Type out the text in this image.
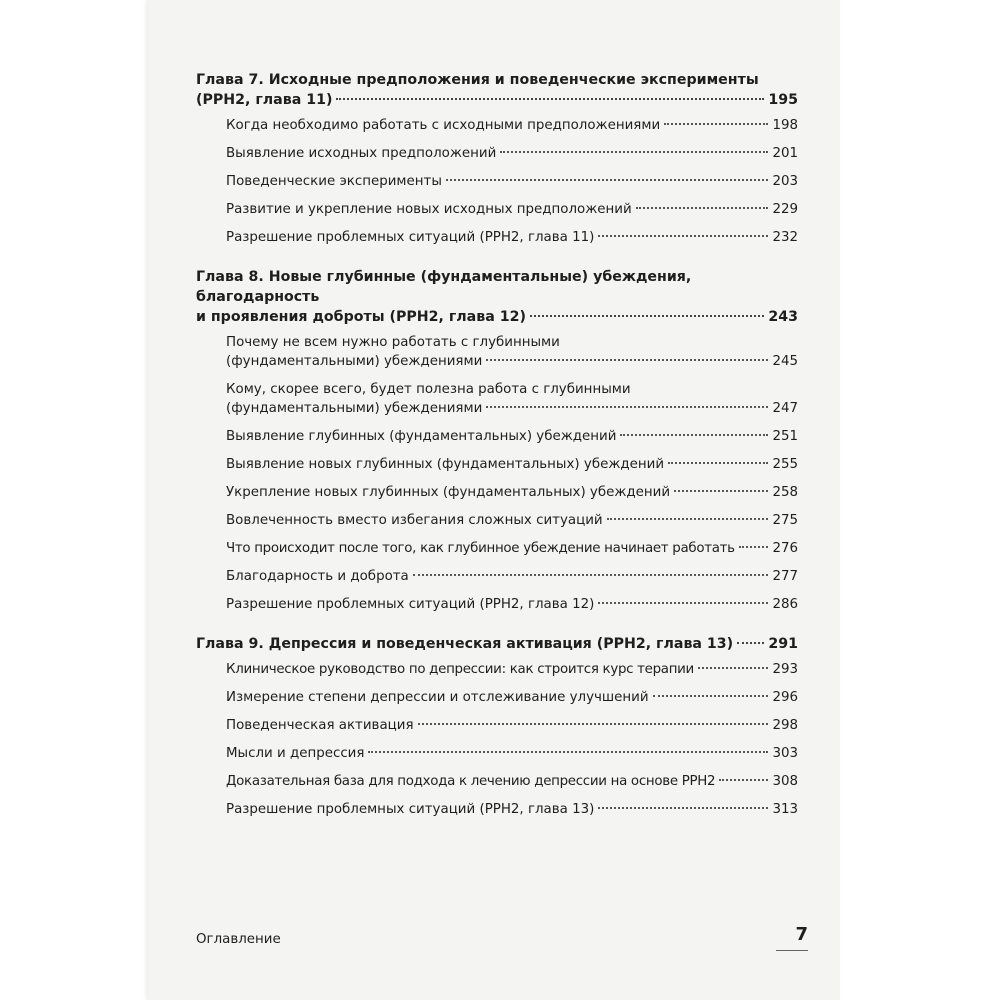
Глава 7. Исходные предположения и поведенческие эксперименты
(РРН2, глава 11)	195
Когда необходимо работать с исходными предположениями	198
Выявление исходных предположений	201
Поведенческие эксперименты	203
Развитие и укрепление новых исходных предположений	229
Разрешение проблемных ситуаций (РРН2, глава 11)	232
Глава 8. Новые глубинные (фундаментальные) убеждения, благодарность
и проявления доброты (РРН2, глава 12)	243
Почему не всем нужно работать с глубинными
(фундаментальными) убеждениями	245
Кому, скорее всего, будет полезна работа с глубинными
(фундаментальными) убеждениями	247
Выявление глубинных (фундаментальных) убеждений	251
Выявление новых глубинных (фундаментальных) убеждений	255
Укрепление новых глубинных (фундаментальных) убеждений	258
Вовлеченность вместо избегания сложных ситуаций	275
Что происходит после того, как глубинное убеждение начинает работать	276
Благодарность и доброта	277
Разрешение проблемных ситуаций (РРН2, глава 12)	286
Глава 9. Депрессия и поведенческая активация (РРН2, глава 13) 291
Клиническое руководство по депрессии: как строится курс терапии	293
Измерение степени депрессии и отслеживание улучшений	296
Поведенческая активация	298
Мысли и депрессия	303
Доказательная база для подхода к лечению депрессии на основе РРН2	308
Разрешение проблемных ситуаций (РРН2, глава 13)	313
Оглавление	7
